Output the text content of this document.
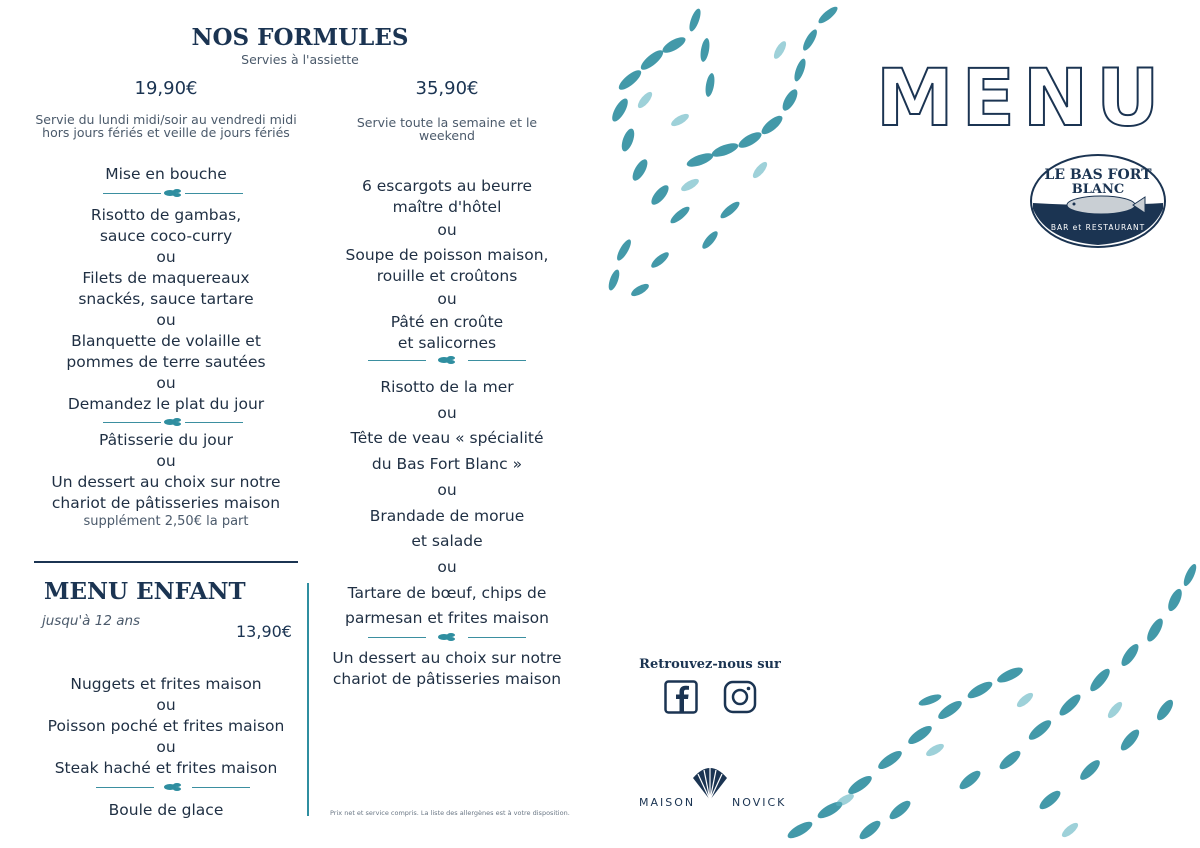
NOS FORMULES
Servies à l'assiette
19,90€
Servie du lundi midi/soir au vendredi midi
hors jours fériés et veille de jours fériés
Mise en bouche
Risotto de gambas,
sauce coco-curry
ou
Filets de maquereaux
snackés, sauce tartare
ou
Blanquette de volaille et
pommes de terre sautées
ou
Demandez le plat du jour
Pâtisserie du jour
ou
Un dessert au choix sur notre
chariot de pâtisseries maison
supplément 2,50€ la part
35,90€
Servie toute la semaine et le
weekend
6 escargots au beurre
maître d'hôtel
ou
Soupe de poisson maison,
rouille et croûtons
ou
Pâté en croûte
et salicornes
Risotto de la mer
ou
Tête de veau « spécialité
du Bas Fort Blanc »
ou
Brandade de morue
et salade
ou
Tartare de bœuf, chips de
parmesan et frites maison
Un dessert au choix sur notre
chariot de pâtisseries maison
MENU ENFANT
jusqu'à 12 ans
13,90€
Nuggets et frites maison
ou
Poisson poché et frites maison
ou
Steak haché et frites maison
Boule de glace	Prix net et service compris. La liste des allergènes est à votre disposition.
MENU
LE BAS FORT
BLANC
BAR et RESTAURANT
Retrouvez-nous sur
MAISON	NOVICK
